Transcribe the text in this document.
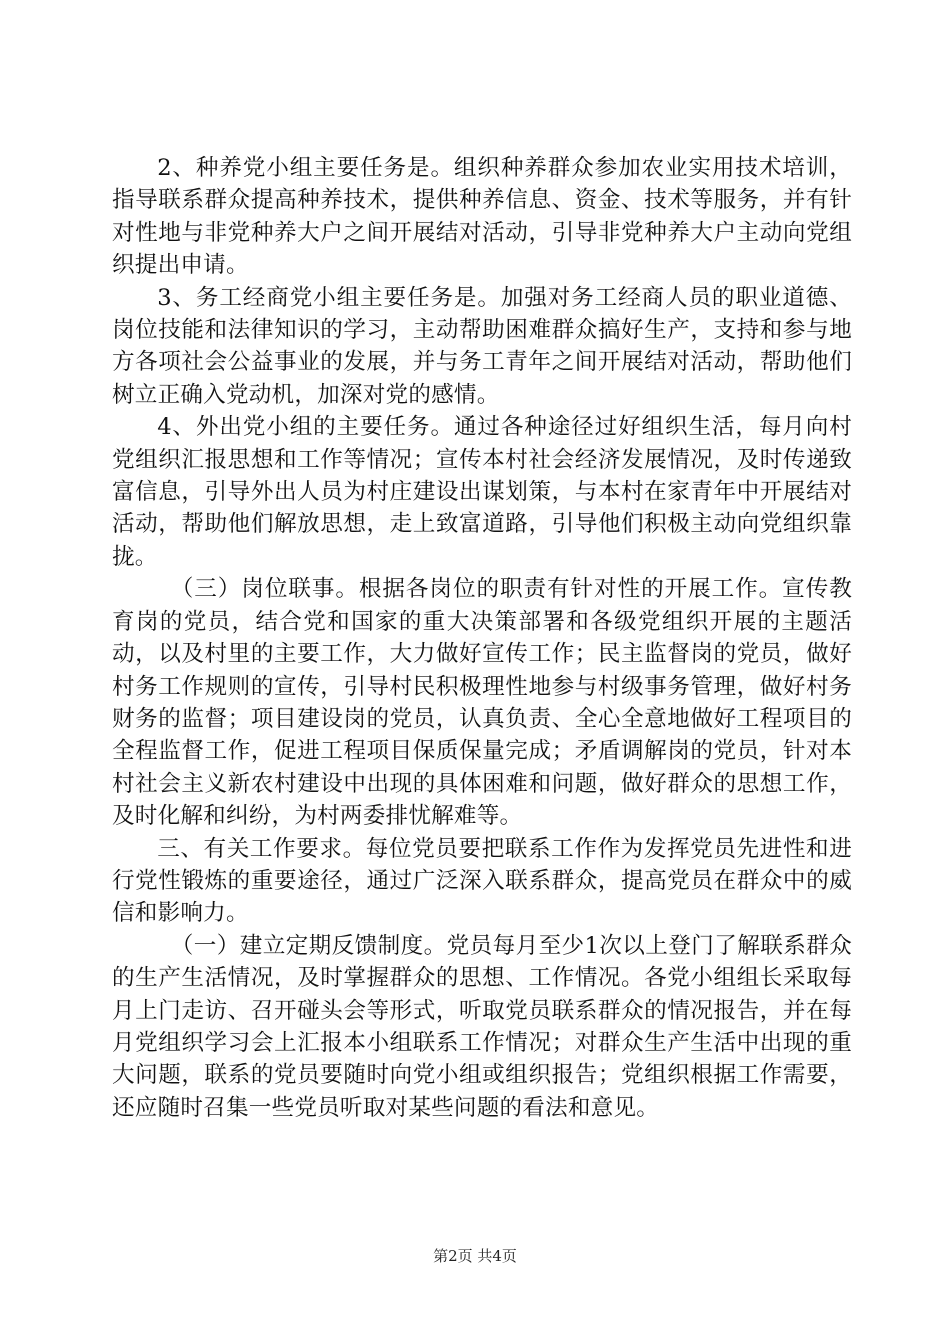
2、种养党小组主要任务是。组织种养群众参加农业实用技术培训，指导联系群众提高种养技术，提供种养信息、资金、技术等服务，并有针对性地与非党种养大户之间开展结对活动，引导非党种养大户主动向党组织提出申请。

3、务工经商党小组主要任务是。加强对务工经商人员的职业道德、岗位技能和法律知识的学习，主动帮助困难群众搞好生产，支持和参与地方各项社会公益事业的发展，并与务工青年之间开展结对活动，帮助他们树立正确入党动机，加深对党的感情。

4、外出党小组的主要任务。通过各种途径过好组织生活，每月向村党组织汇报思想和工作等情况；宣传本村社会经济发展情况，及时传递致富信息，引导外出人员为村庄建设出谋划策，与本村在家青年中开展结对活动，帮助他们解放思想，走上致富道路，引导他们积极主动向党组织靠拢。

（三）岗位联事。根据各岗位的职责有针对性的开展工作。宣传教育岗的党员，结合党和国家的重大决策部署和各级党组织开展的主题活动，以及村里的主要工作，大力做好宣传工作；民主监督岗的党员，做好村务工作规则的宣传，引导村民积极理性地参与村级事务管理，做好村务财务的监督；项目建设岗的党员，认真负责、全心全意地做好工程项目的全程监督工作，促进工程项目保质保量完成；矛盾调解岗的党员，针对本村社会主义新农村建设中出现的具体困难和问题，做好群众的思想工作，及时化解和纠纷，为村两委排忧解难等。

三、有关工作要求。每位党员要把联系工作作为发挥党员先进性和进行党性锻炼的重要途径，通过广泛深入联系群众，提高党员在群众中的威信和影响力。

（一）建立定期反馈制度。党员每月至少1次以上登门了解联系群众的生产生活情况，及时掌握群众的思想、工作情况。各党小组组长采取每月上门走访、召开碰头会等形式，听取党员联系群众的情况报告，并在每月党组织学习会上汇报本小组联系工作情况；对群众生产生活中出现的重大问题，联系的党员要随时向党小组或组织报告；党组织根据工作需要，还应随时召集一些党员听取对某些问题的看法和意见。

第2页 共4页
